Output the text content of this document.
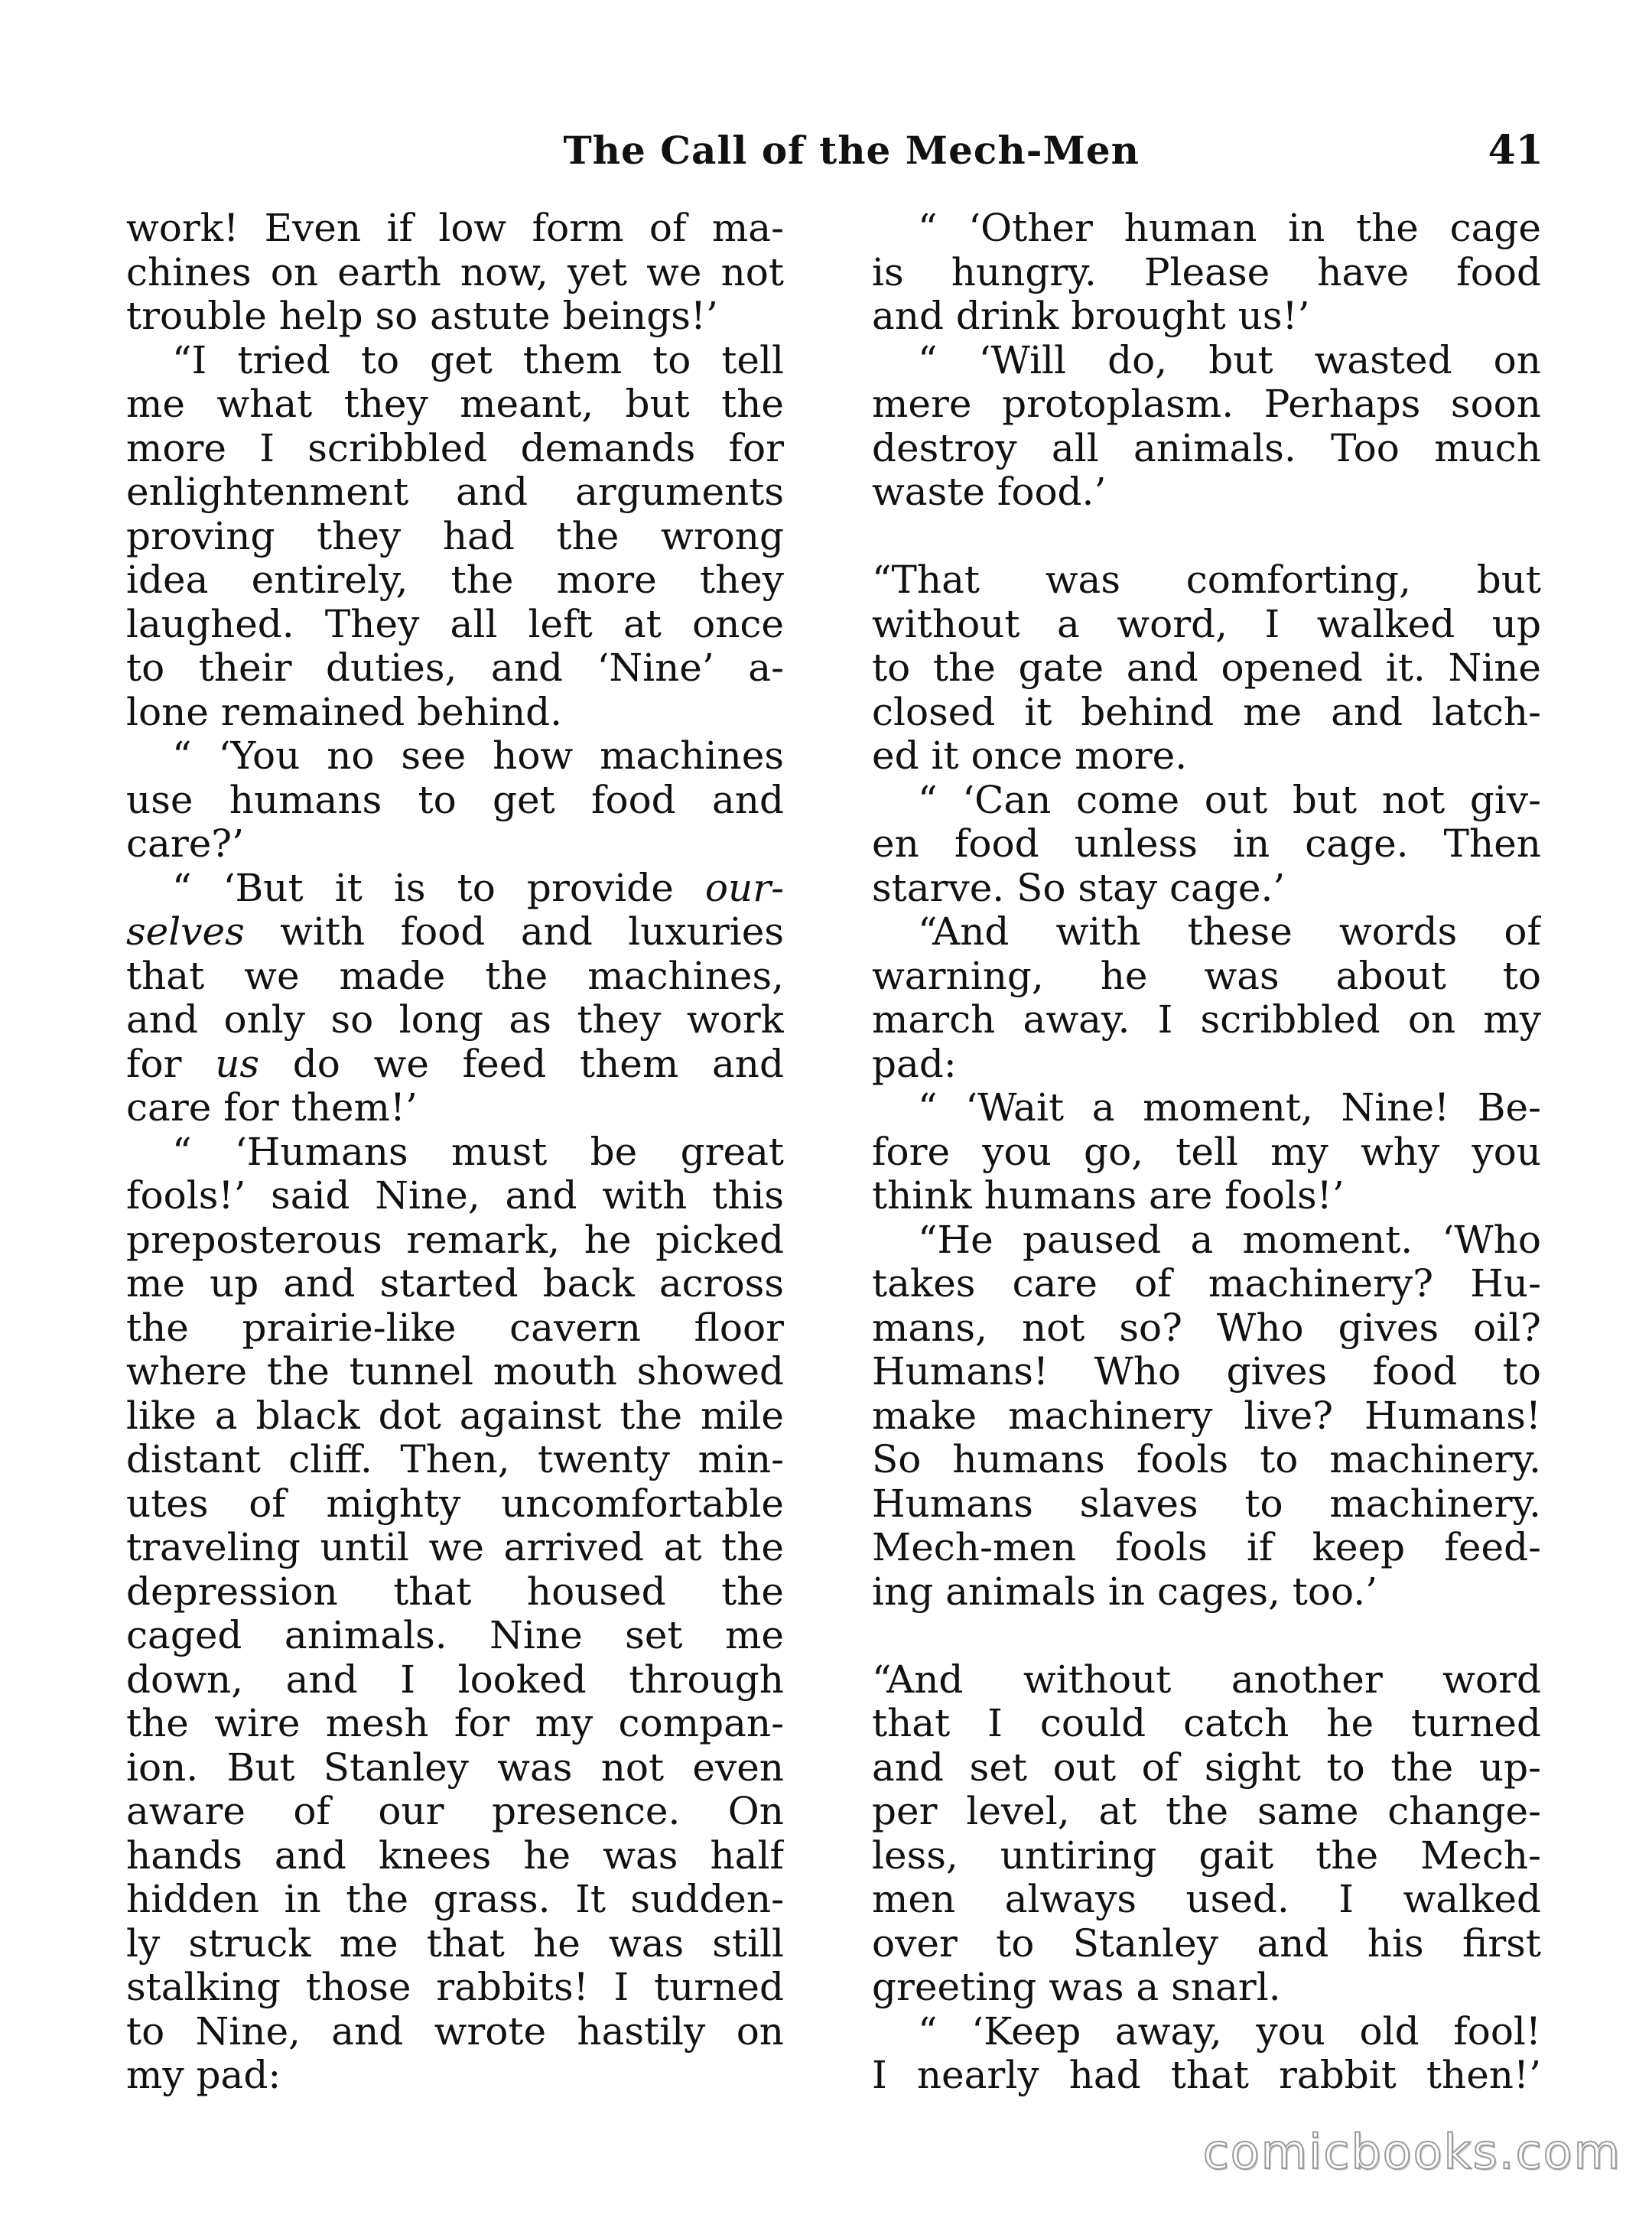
The Call of the Mech-Men	41
work! Even if low form of ma-
chines on earth now, yet we not
trouble help so astute beings!’
“I tried to get them to tell
me what they meant, but the
more I scribbled demands for
enlightenment and arguments
proving they had the wrong
idea entirely, the more they
laughed. They all left at once
to their duties, and ‘Nine’ a-
lone remained behind.
“ ‘You no see how machines
use humans to get food and
care?’
“ ‘But it is to provide our-
selves with food and luxuries
that we made the machines,
and only so long as they work
for us do we feed them and
care for them!’
“ ‘Humans must be great
fools!’ said Nine, and with this
preposterous remark, he picked
me up and started back across
the prairie-like cavern floor
where the tunnel mouth showed
like a black dot against the mile
distant cliff. Then, twenty min-
utes of mighty uncomfortable
traveling until we arrived at the
depression that housed the
caged animals. Nine set me
down, and I looked through
the wire mesh for my compan-
ion. But Stanley was not even
aware of our presence. On
hands and knees he was half
hidden in the grass. It sudden-
ly struck me that he was still
stalking those rabbits! I turned
to Nine, and wrote hastily on
my pad:
“ ‘Other human in the cage
is hungry. Please have food
and drink brought us!’
“ ‘Will do, but wasted on
mere protoplasm. Perhaps soon
destroy all animals. Too much
waste food.’
“That was comforting, but
without a word, I walked up
to the gate and opened it. Nine
closed it behind me and latch-
ed it once more.
“ ‘Can come out but not giv-
en food unless in cage. Then
starve. So stay cage.’
“And with these words of
warning, he was about to
march away. I scribbled on my
pad:
“ ‘Wait a moment, Nine! Be-
fore you go, tell my why you
think humans are fools!’
“He paused a moment. ‘Who
takes care of machinery? Hu-
mans, not so? Who gives oil?
Humans! Who gives food to
make machinery live? Humans!
So humans fools to machinery.
Humans slaves to machinery.
Mech-men fools if keep feed-
ing animals in cages, too.’
“And without another word
that I could catch he turned
and set out of sight to the up-
per level, at the same change-
less, untiring gait the Mech-
men always used. I walked
over to Stanley and his first
greeting was a snarl.
“ ‘Keep away, you old fool!
I nearly had that rabbit then!’
comicbooks.com
